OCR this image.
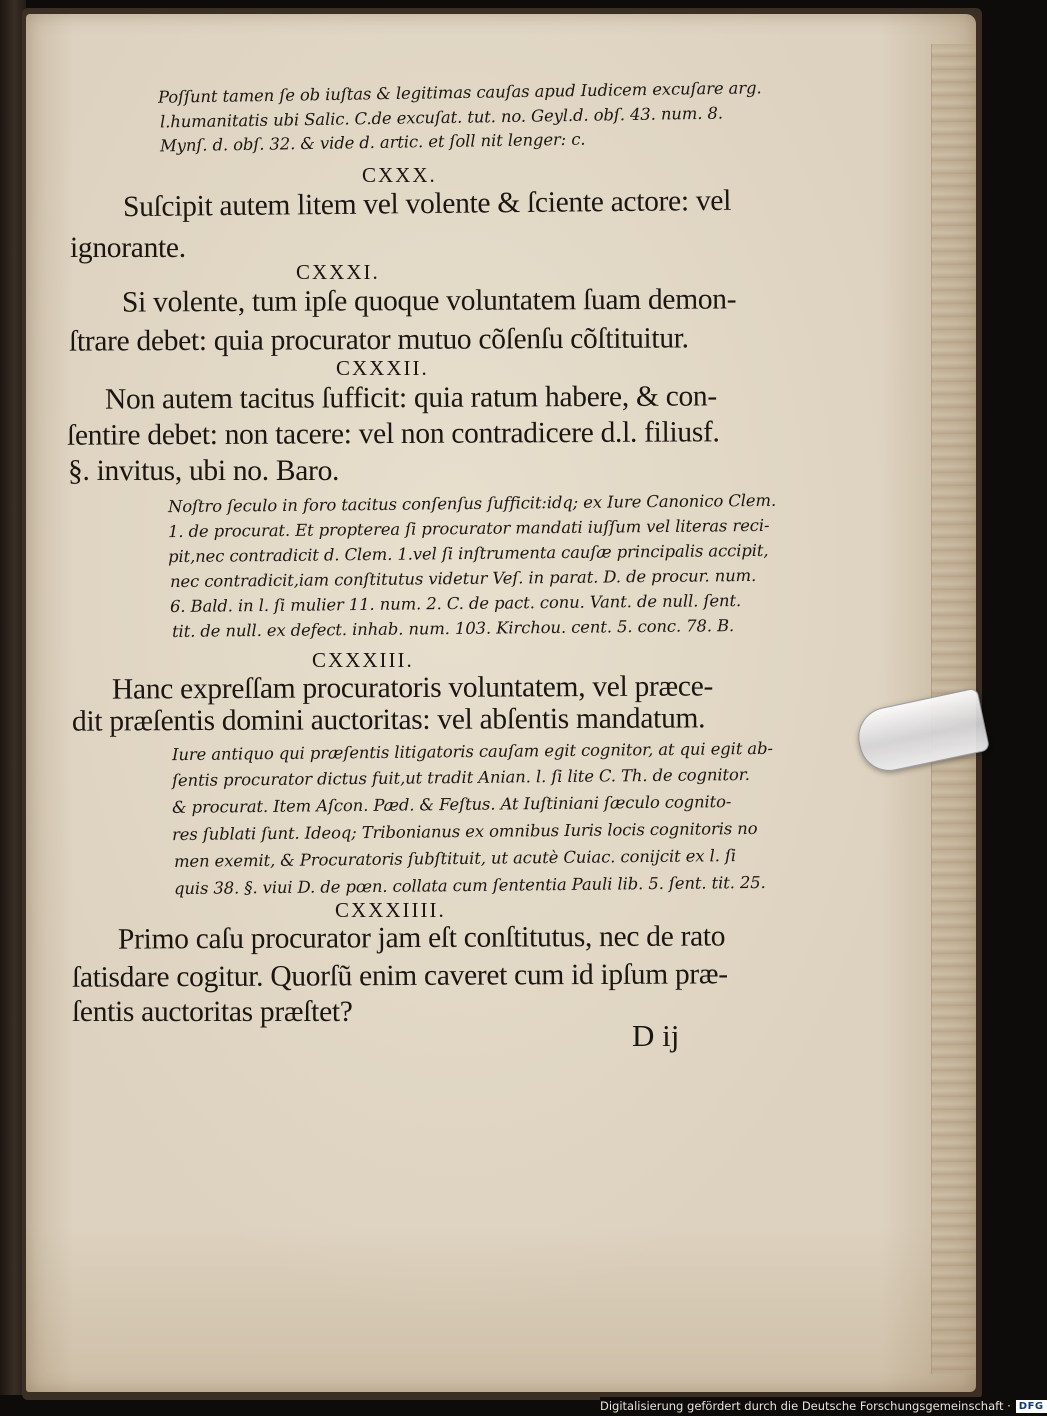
Poſſunt tamen ſe ob iuſtas & legitimas cauſas apud Iudicem excuſare arg.

l.humanitatis ubi Salic. C.de excuſat. tut. no. Geyl.d. obſ. 43. num. 8.

Mynſ. d. obſ. 32. & vide d. artic. et ſoll nit lenger: c.

CXXX.

Suſcipit autem litem vel volente & ſciente actore: vel

ignorante.

CXXXI.

Si volente, tum ipſe quoque voluntatem ſuam demon-

ſtrare debet: quia procurator mutuo cõſenſu cõſtituitur.

CXXXII.

Non autem tacitus ſufficit: quia ratum habere, & con-

ſentire debet: non tacere: vel non contradicere d.l. filiusf.

§. invitus, ubi no. Baro.

Noſtro ſeculo in foro tacitus conſenſus ſufficit:idq; ex Iure Canonico Clem.

1. de procurat. Et propterea ſi procurator mandati iuſſum vel literas reci-

pit,nec contradicit d. Clem. 1.vel ſi inſtrumenta cauſæ principalis accipit,

nec contradicit,iam conſtitutus videtur Veſ. in parat. D. de procur. num.

6. Bald. in l. ſi mulier 11. num. 2. C. de pact. conu. Vant. de null. ſent.

tit. de null. ex defect. inhab. num. 103. Kirchou. cent. 5. conc. 78. B.

CXXXIII.

Hanc expreſſam procuratoris voluntatem, vel præce-

dit præſentis domini auctoritas: vel abſentis mandatum.

Iure antiquo qui præſentis litigatoris cauſam egit cognitor, at qui egit ab-

ſentis procurator dictus fuit,ut tradit Anian. l. ſi lite C. Th. de cognitor.

& procurat. Item Aſcon. Pæd. & Feſtus. At Iuſtiniani ſæculo cognito-

res ſublati ſunt. Ideoq; Tribonianus ex omnibus Iuris locis cognitoris no

men exemit, & Procuratoris ſubſtituit, ut acutè Cuiac. conijcit ex l. ſi

quis 38. §. viui D. de pœn. collata cum ſententia Pauli lib. 5. ſent. tit. 25.

CXXXIIII.

Primo caſu procurator jam eſt conſtitutus, nec de rato

ſatisdare cogitur. Quorſũ enim caveret cum id ipſum præ-

ſentis auctoritas præſtet?

D ij

Digitalisierung gefördert durch die Deutsche Forschungsgemeinschaft · DFG
